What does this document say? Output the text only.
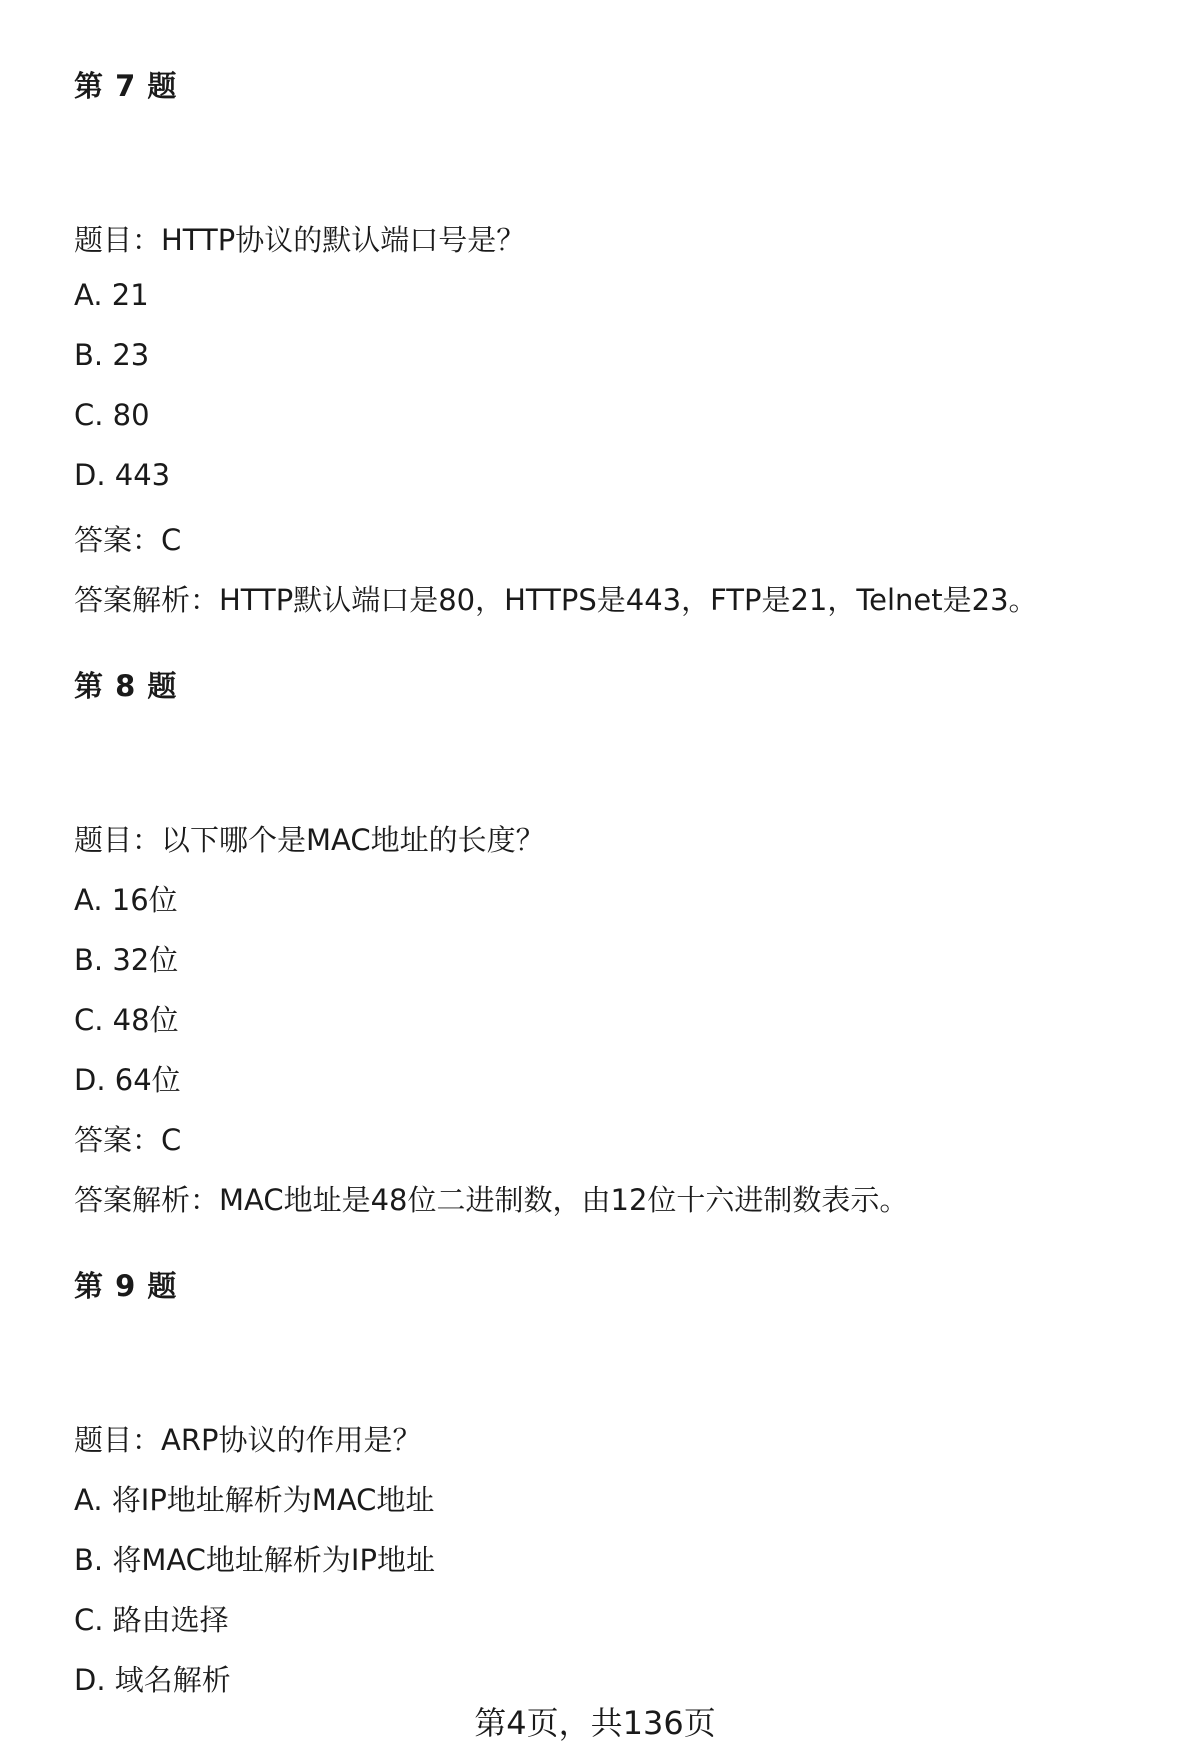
第 7 题
题目：HTTP协议的默认端口号是？
A. 21
B. 23
C. 80
D. 443
答案：C
答案解析：HTTP默认端口是80，HTTPS是443，FTP是21，Telnet是23。
第 8 题
题目：以下哪个是MAC地址的长度？
A. 16位
B. 32位
C. 48位
D. 64位
答案：C
答案解析：MAC地址是48位二进制数，由12位十六进制数表示。
第 9 题
题目：ARP协议的作用是？
A. 将IP地址解析为MAC地址
B. 将MAC地址解析为IP地址
C. 路由选择
D. 域名解析
第4页，共136页
